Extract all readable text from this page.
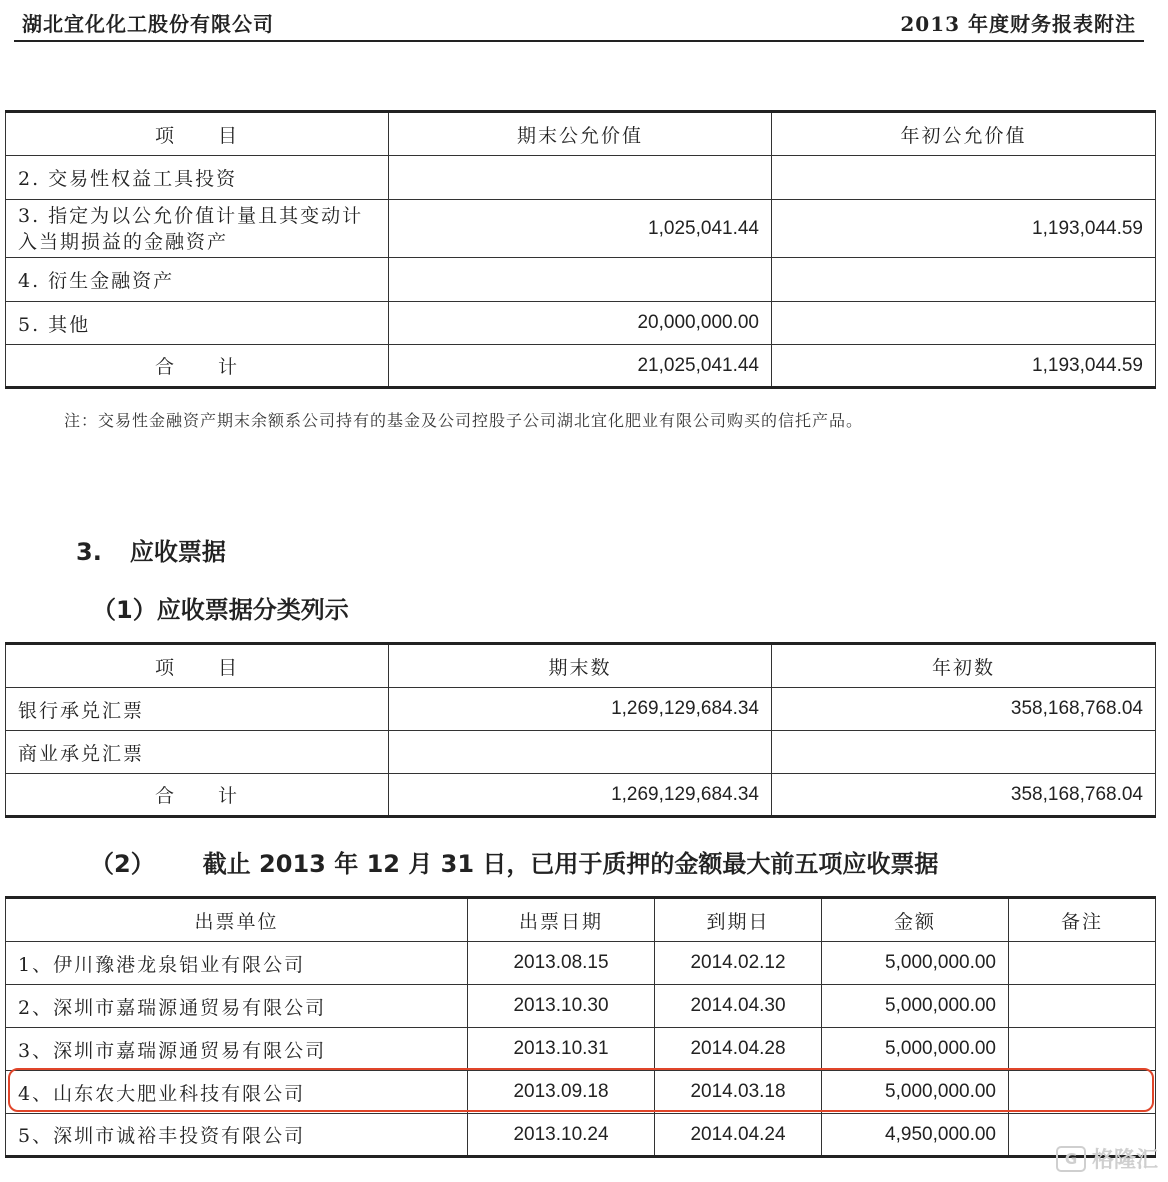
湖北宜化化工股份有限公司	2013 年度财务报表附注
项　　目	期末公允价值	年初公允价值
2. 交易性权益工具投资		
3. 指定为以公允价值计量且其变动计入当期损益的金融资产	1,025,041.44	1,193,044.59
4. 衍生金融资产		
5. 其他	20,000,000.00	
合　　计	21,025,041.44	1,193,044.59
注：交易性金融资产期末余额系公司持有的基金及公司控股子公司湖北宜化肥业有限公司购买的信托产品。
3. 应收票据
（1）应收票据分类列示
项　　目	期末数	年初数
银行承兑汇票	1,269,129,684.34	358,168,768.04
商业承兑汇票		
合　　计	1,269,129,684.34	358,168,768.04
（2） 截止 2013 年 12 月 31 日，已用于质押的金额最大前五项应收票据
出票单位	出票日期	到期日	金额	备注
1、伊川豫港龙泉铝业有限公司	2013.08.15	2014.02.12	5,000,000.00	
2、深圳市嘉瑞源通贸易有限公司	2013.10.30	2014.04.30	5,000,000.00	
3、深圳市嘉瑞源通贸易有限公司	2013.10.31	2014.04.28	5,000,000.00	
4、山东农大肥业科技有限公司	2013.09.18	2014.03.18	5,000,000.00	
5、深圳市诚裕丰投资有限公司	2013.10.24	2014.04.24	4,950,000.00	
G 格隆汇
